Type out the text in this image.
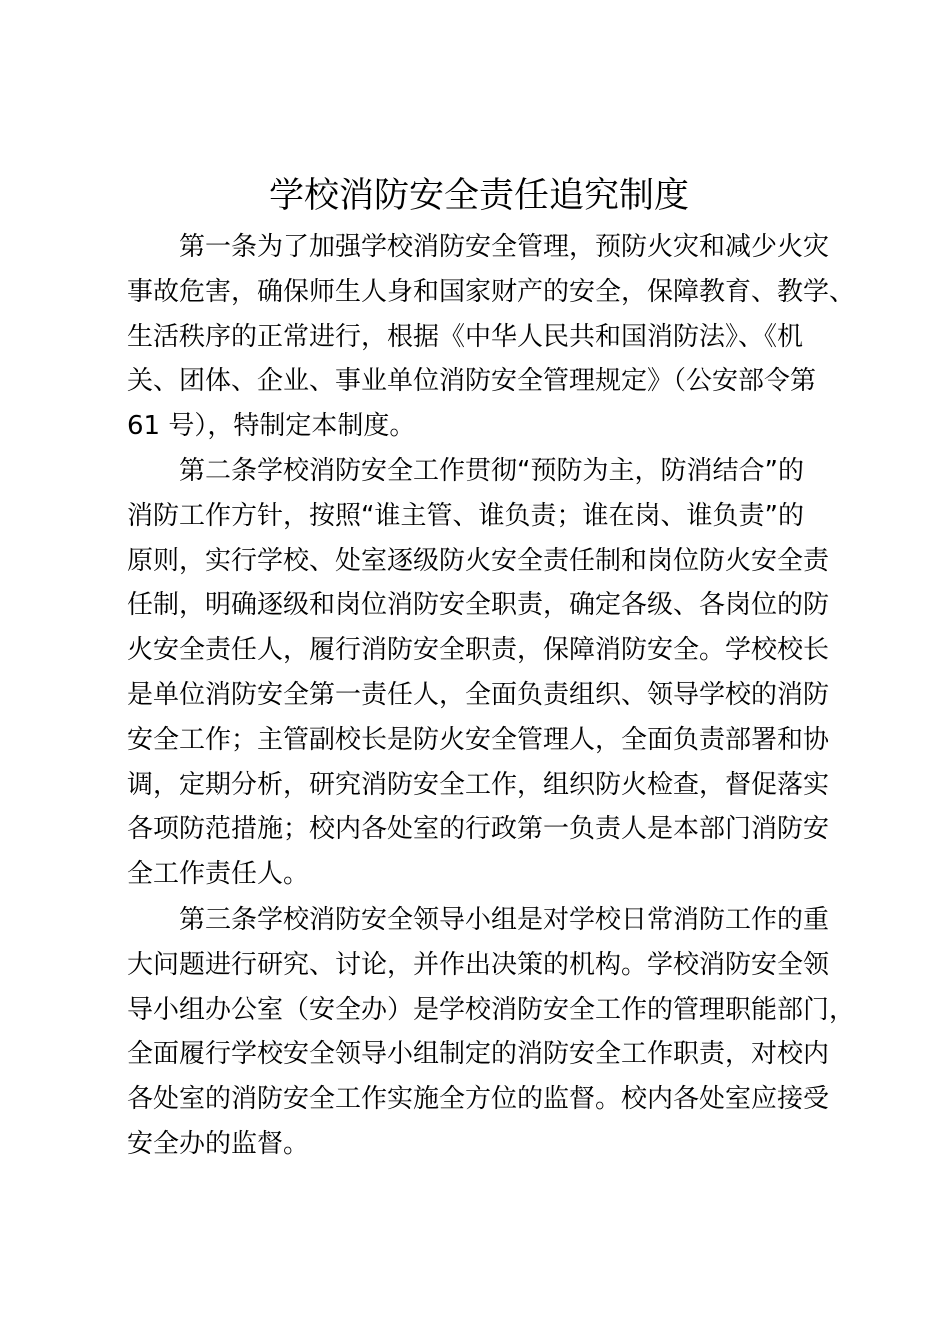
学校消防安全责任追究制度
　　第一条为了加强学校消防安全管理，预防火灾和减少火灾
事故危害，确保师生人身和国家财产的安全，保障教育、教学、
生活秩序的正常进行，根据《中华人民共和国消防法》、《机
关、团体、企业、事业单位消防安全管理规定》（公安部令第
61 号），特制定本制度。
　　第二条学校消防安全工作贯彻“预防为主，防消结合”的
消防工作方针，按照“谁主管、谁负责；谁在岗、谁负责”的
原则，实行学校、处室逐级防火安全责任制和岗位防火安全责
任制，明确逐级和岗位消防安全职责，确定各级、各岗位的防
火安全责任人，履行消防安全职责，保障消防安全。学校校长
是单位消防安全第一责任人，全面负责组织、领导学校的消防
安全工作；主管副校长是防火安全管理人，全面负责部署和协
调，定期分析，研究消防安全工作，组织防火检查，督促落实
各项防范措施；校内各处室的行政第一负责人是本部门消防安
全工作责任人。
　　第三条学校消防安全领导小组是对学校日常消防工作的重
大问题进行研究、讨论，并作出决策的机构。学校消防安全领
导小组办公室（安全办）是学校消防安全工作的管理职能部门，
全面履行学校安全领导小组制定的消防安全工作职责，对校内
各处室的消防安全工作实施全方位的监督。校内各处室应接受
安全办的监督。
